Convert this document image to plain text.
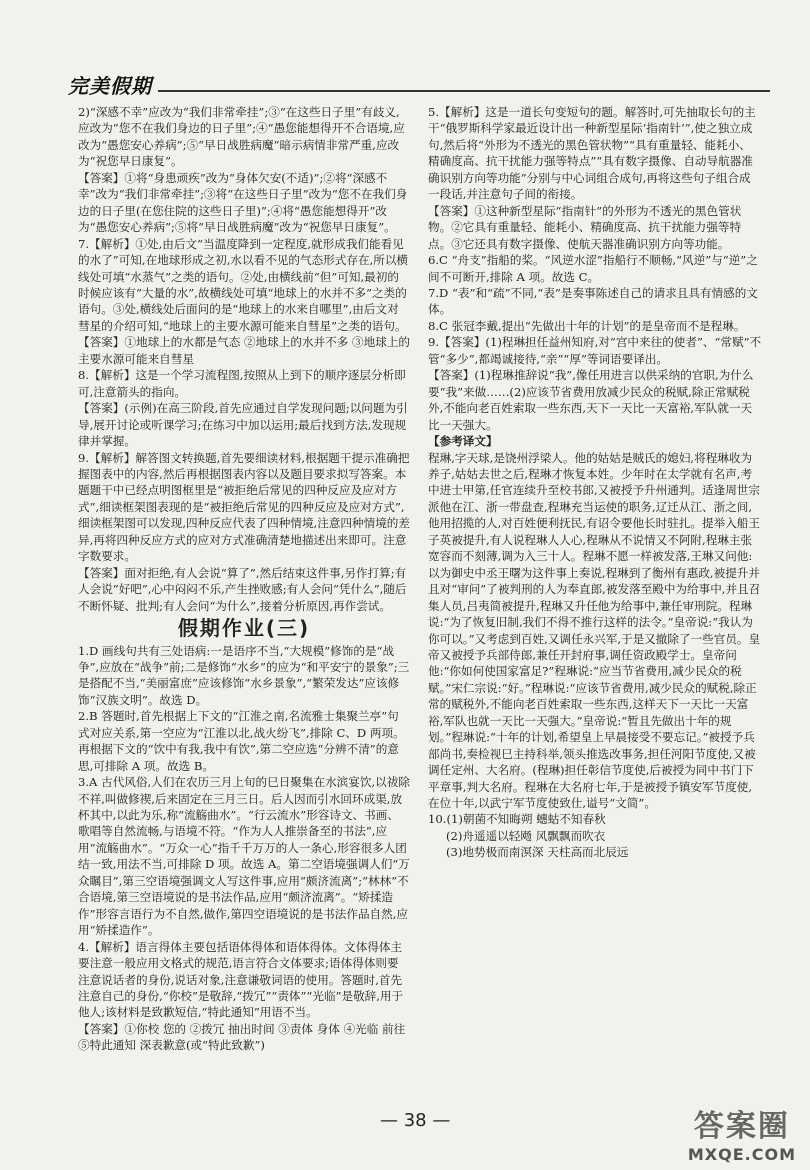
完美假期

2)“深感不幸”应改为“我们非常牵挂”;③“在这些日子里”有歧义,应改为“您不在我们身边的日子里”;④“愚您能想得开不合语境,应改为“愚您安心养病”;⑤“早日战胜病魔”暗示病情非常严重,应改为“祝您早日康复”。

【答案】①将“身患顽疾”改为“身体欠安(不适)”;②将“深感不幸”改为“我们非常牵挂”;③将“在这些日子里”改为“您不在我们身边的日子里(在您住院的这些日子里)”;④将“愚您能想得开”改为“愚您安心养病”;⑤将“早日战胜病魔”改为“祝您早日康复”。

7.【解析】①处,由后文“当温度降到一定程度,就形成我们能看见的水了”可知,在地球形成之初,水以看不见的气态形式存在,所以横线处可填“水蒸气”之类的语句。②处,由横线前“但”可知,最初的时候应该有“大量的水”,故横线处可填“地球上的水并不多”之类的语句。③处,横线处后面问的是“地球上的水来自哪里”,由后文对彗星的介绍可知,“地球上的主要水源可能来自彗星”之类的语句。

【答案】①地球上的水都是气态 ②地球上的水并不多 ③地球上的主要水源可能来自彗星

8.【解析】这是一个学习流程图,按照从上到下的顺序逐层分析即可,注意箭头的指向。

【答案】(示例)在高三阶段,首先应通过自学发现问题;以问题为引导,展开讨论或听课学习;在练习中加以运用;最后找到方法,发现规律并掌握。

9.【解析】解答图文转换题,首先要细读材料,根据题干提示准确把握图表中的内容,然后再根据图表内容以及题目要求拟写答案。本题题干中已经点明图框里是“被拒绝后常见的四种反应及应对方式”,细读框架图表现的是“被拒绝后常见的四种反应及应对方式”,细读框架图可以发现,四种反应代表了四种情境,注意四种情境的差异,再将四种反应方式的应对方式准确清楚地描述出来即可。注意字数要求。

【答案】面对拒绝,有人会说“算了”,然后结束这件事,另作打算;有人会说“好吧”,心中闷闷不乐,产生挫败感;有人会问“凭什么”,随后不断怀疑、批判;有人会问“为什么”,接着分析原因,再作尝试。

假期作业(三)

1.D 画线句共有三处语病:一是语序不当,“大规模”修饰的是“战争”,应放在“战争”前;二是修饰“水乡”的应为“和平安宁的景象”;三是搭配不当,“美丽富庶”应该修饰“水乡景象”,“繁荣发达”应该修饰“汉族文明”。故选 D。

2.B 答题时,首先根据上下文的“江淮之南,名流雅士集聚兰亭”句式对应关系,第一空应为“江淮以北,战火纷飞”,排除 C、D 两项。再根据下文的“饮中有我,我中有饮”,第二空应选“分辨不清”的意思,可排除 A 项。故选 B。

3.A 古代风俗,人们在农历三月上旬的巳日聚集在水滨宴饮,以祓除不祥,叫做修禊,后来固定在三月三日。后人因而引水回环成渠,放杯其中,以此为乐,称“流觞曲水”。“行云流水”形容诗文、书画、歌唱等自然流畅,与语境不符。“作为人人推崇备至的书法”,应用“流觞曲水”。“万众一心”指千千万万的人一条心,形容很多人团结一致,用法不当,可排除 D 项。故选 A。第二空语境强调人们“万众瞩目”,第三空语境强调文人写这件事,应用“颇济流离”;“林林”不合语境,第三空语境说的是书法作品,应用“颇济流离”。“矫揉造作”形容言语行为不自然,做作,第四空语境说的是书法作品自然,应用“矫揉造作”。

4.【解析】语言得体主要包括语体得体和语体得体。文体得体主要注意一般应用文格式的规范,语言符合文体要求;语体得体则要注意说话者的身份,说话对象,注意谦敬词语的使用。答题时,首先注意自己的身份,“你校”是敬辞,“拨冗”“责体”“光临”是敬辞,用于他人;该材料是致歉短信,“特此通知”用语不当。

【答案】①你校 您的 ②拨冗 抽出时间 ③责体 身体 ④光临 前往 ⑤特此通知 深表歉意(或“特此致歉”)

5.【解析】这是一道长句变短句的题。解答时,可先抽取长句的主干“俄罗斯科学家最近设计出一种新型星际‘指南针’”,使之独立成句,然后将“外形为不透光的黑色管状物”“具有重量轻、能耗小、精确度高、抗干扰能力强等特点”“具有数字摄像、自动导航器准确识别方向等功能”分别与中心词组合成句,再将这些句子组合成一段话,并注意句子间的衔接。

【答案】①这种新型星际“指南针”的外形为不透光的黑色管状物。②它具有重量轻、能耗小、精确度高、抗干扰能力强等特点。③它还具有数字摄像、使航天器准确识别方向等功能。

6.C “舟支”指船的桨。“风逆水涩”指船行不顺畅,“风逆”与“逆”之间不可断开,排除 A 项。故选 C。

7.D “表”和“疏”不同,“表”是奏事陈述自己的请求且具有情感的文体。

8.C 张冠李戴,提出“先做出十年的计划”的是皇帝而不是程琳。

9.【答案】(1)程琳担任益州知府,对“宫中来往的使者”、“常赋”不管“多少”,都竭诚接待,“亲”“厚”等词语要译出。

【答案】(1)程琳推辞说“我”,像任用进言以供采纳的官职,为什么要“我”来做……(2)应该节省费用放减少民众的税赋,除正常赋税外,不能向老百姓索取一些东西,天下一天比一天富裕,军队就一天比一天强大。

【参考译文】

程琳,字天球,是饶州浮梁人。他的姑姑是贼氏的媳妇,将程琳收为养子,姑姑去世之后,程琳才恢复本姓。少年时在太学就有名声,考中进士甲第,任官连续升至校书郎,又被授予升州通判。适逢周世宗派他在江、浙一带盘查,程琳充当运使的职务,辽迁从江、浙之间,他用招揽的人,对百姓便利抚民,有诏令要他长时驻扎。提举入船王子英被提升,有人说程琳人人心,程琳从不说情又不阿附,程琳主张宽容而不刻薄,调为入三十人。程琳不愿一样被发落,王琳又问他:以为御史中丞王曙为这件事上奏说,程琳到了衡州有惠政,被提升并且对“审问”了被判刑的人为奉直郎,被发落至殿中为给事中,并且召集人员,吕夷简被提升,程琳又升任他为给事中,兼任审刑院。程琳说:“为了恢复旧制,我们不得不推行这样的法令。”皇帝说:“我认为你可以。”又考虑到百姓,又调任永兴军,于是又撤除了一些官员。皇帝又被授予兵部侍郎,兼任开封府事,调任资政殿学士。皇帝问他:“你如何使国家富足?”程琳说:“应当节省费用,减少民众的税赋。”宋仁宗说:“好。”程琳说:“应该节省费用,减少民众的赋税,除正常的赋税外,不能向老百姓索取一些东西,这样天下一天比一天富裕,军队也就一天比一天强大。”皇帝说:“暂且先做出十年的规划。”程琳说:“十年的计划,希望皇上早晨接受不要忘记。”被授予兵部尚书,奏检视巳主持科举,领头推选改事务,担任河阳节度使,又被调任定州、大名府。(程琳)担任彰信节度使,后被授为同中书门下平章事,判大名府。程琳在大名府七年,于是被授予镇安军节度使,在位十年,以武宁军节度使致仕,谥号“文简”。

10.(1)朝菌不知晦朔 蟪蛄不知春秋

(2)舟遥遥以轻飏 风飘飘而吹衣

(3)地势极而南溟深 天柱高而北辰远

— 38 —	答案圈
MXQE.COM
